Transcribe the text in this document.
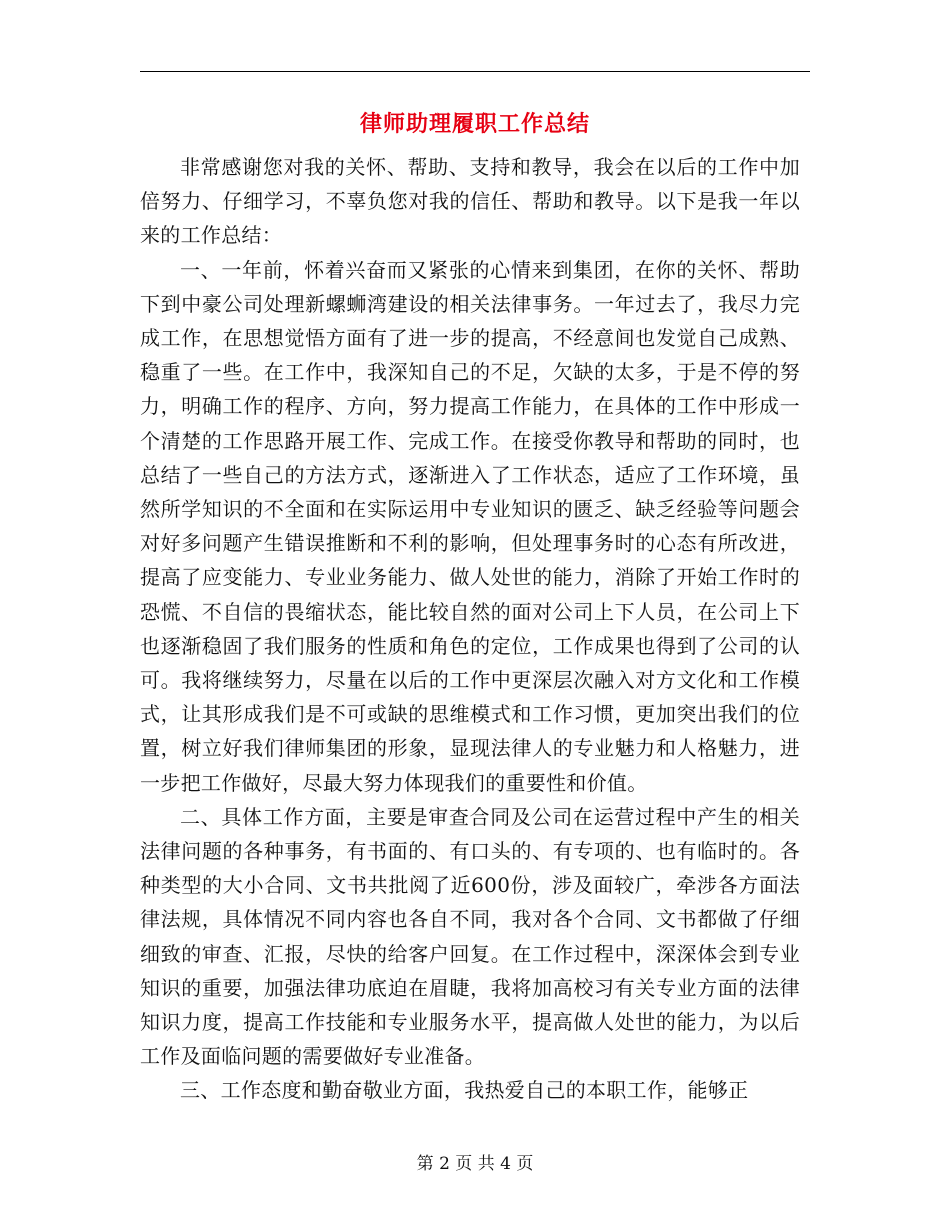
律师助理履职工作总结

非常感谢您对我的关怀、帮助、支持和教导，我会在以后的工作中加倍努力、仔细学习，不辜负您对我的信任、帮助和教导。以下是我一年以来的工作总结：

一、一年前，怀着兴奋而又紧张的心情来到集团，在你的关怀、帮助下到中豪公司处理新螺蛳湾建设的相关法律事务。一年过去了，我尽力完成工作，在思想觉悟方面有了进一步的提高，不经意间也发觉自己成熟、稳重了一些。在工作中，我深知自己的不足，欠缺的太多，于是不停的努力，明确工作的程序、方向，努力提高工作能力，在具体的工作中形成一个清楚的工作思路开展工作、完成工作。在接受你教导和帮助的同时，也总结了一些自己的方法方式，逐渐进入了工作状态，适应了工作环境，虽然所学知识的不全面和在实际运用中专业知识的匮乏、缺乏经验等问题会对好多问题产生错误推断和不利的影响，但处理事务时的心态有所改进，提高了应变能力、专业业务能力、做人处世的能力，消除了开始工作时的恐慌、不自信的畏缩状态，能比较自然的面对公司上下人员，在公司上下也逐渐稳固了我们服务的性质和角色的定位，工作成果也得到了公司的认可。我将继续努力，尽量在以后的工作中更深层次融入对方文化和工作模式，让其形成我们是不可或缺的思维模式和工作习惯，更加突出我们的位置，树立好我们律师集团的形象，显现法律人的专业魅力和人格魅力，进一步把工作做好，尽最大努力体现我们的重要性和价值。

二、具体工作方面，主要是审查合同及公司在运营过程中产生的相关法律问题的各种事务，有书面的、有口头的、有专项的、也有临时的。各种类型的大小合同、文书共批阅了近600份，涉及面较广，牵涉各方面法律法规，具体情况不同内容也各自不同，我对各个合同、文书都做了仔细细致的审查、汇报，尽快的给客户回复。在工作过程中，深深体会到专业知识的重要，加强法律功底迫在眉睫，我将加高校习有关专业方面的法律知识力度，提高工作技能和专业服务水平，提高做人处世的能力，为以后工作及面临问题的需要做好专业准备。

三、工作态度和勤奋敬业方面，我热爱自己的本职工作，能够正

第 2 页 共 4 页
